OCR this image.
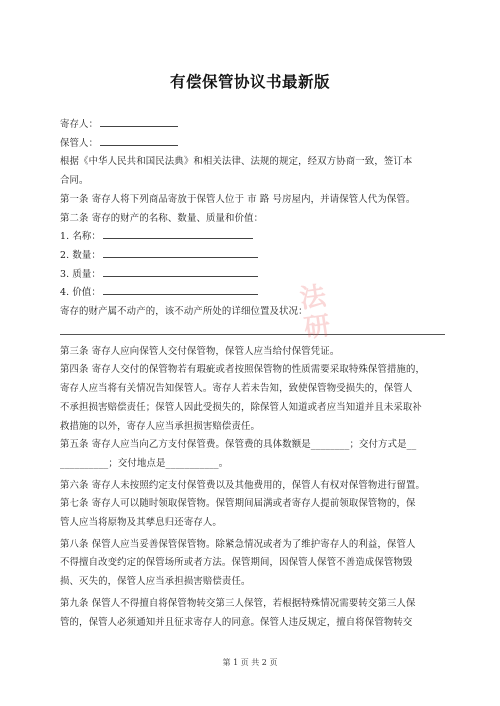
有偿保管协议书最新版

寄存人：

保管人：

根据《中华人民共和国民法典》和相关法律、法规的规定，经双方协商一致，签订本

合同。

第一条 寄存人将下列商品寄放于保管人位于 市 路 号房屋内，并请保管人代为保管。

第二条 寄存的财产的名称、数量、质量和价值：

1. 名称：

2. 数量：

3. 质量：

4. 价值：

寄存的财产属不动产的，该不动产所处的详细位置及状况：

第三条 寄存人应向保管人交付保管物，保管人应当给付保管凭证。

第四条 寄存人交付的保管物若有瑕疵或者按照保管物的性质需要采取特殊保管措施的，

寄存人应当将有关情况告知保管人。寄存人若未告知，致使保管物受损失的，保管人

不承担损害赔偿责任；保管人因此受损失的，除保管人知道或者应当知道并且未采取补

救措施的以外，寄存人应当承担损害赔偿责任。

第五条 寄存人应当向乙方支付保管费。保管费的具体数额是________；交付方式是__

__________；交付地点是___________。

第六条 寄存人未按照约定支付保管费以及其他费用的，保管人有权对保管物进行留置。

第七条 寄存人可以随时领取保管物。保管期间届满或者寄存人提前领取保管物的，保

管人应当将原物及其孳息归还寄存人。

第八条 保管人应当妥善保管保管物。除紧急情况或者为了维护寄存人的利益，保管人

不得擅自改变约定的保管场所或者方法。保管期间，因保管人保管不善造成保管物毁

损、灭失的，保管人应当承担损害赔偿责任。

第九条 保管人不得擅自将保管物转交第三人保管，若根据特殊情况需要转交第三人保

管的，保管人必须通知并且征求寄存人的同意。保管人违反规定，擅自将保管物转交

法研
第 1 页 共 2 页
